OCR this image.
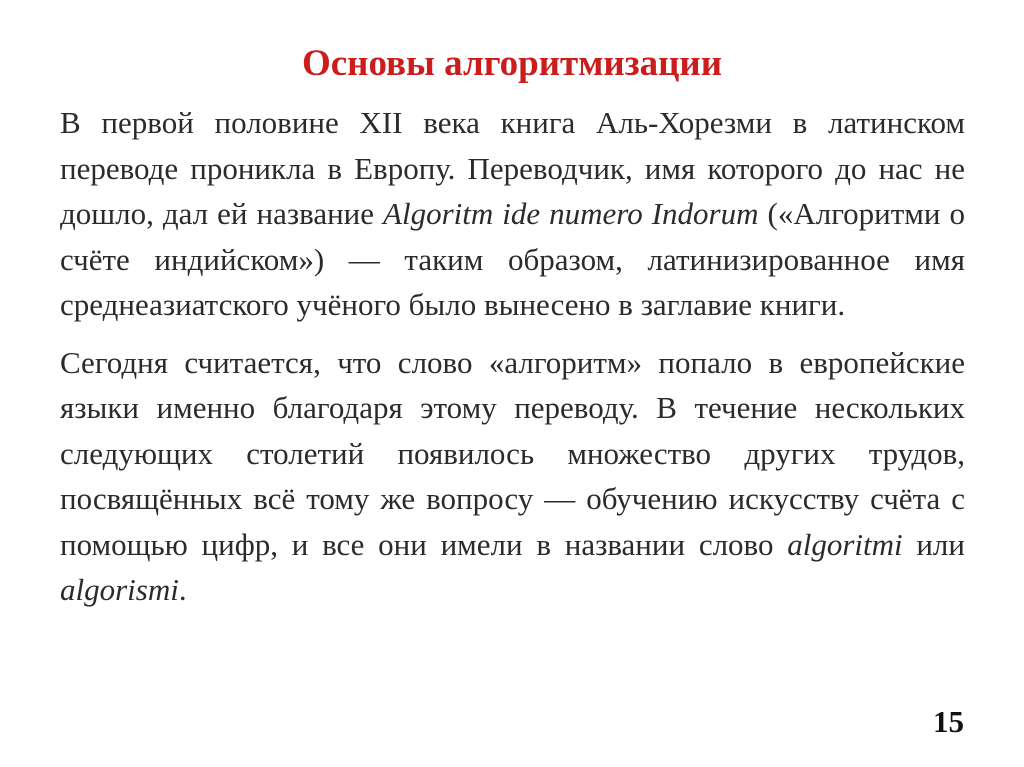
Основы алгоритмизации

В первой половине XII века книга Аль-Хорезми в латинском переводе проникла в Европу. Переводчик, имя которого до нас не дошло, дал ей название Algoritm ide numero Indorum («Алгоритми о счёте индийском») — таким образом, латинизированное имя среднеазиатского учёного было вынесено в заглавие книги.

Сегодня считается, что слово «алгоритм» попало в европейские языки именно благодаря этому переводу. В течение нескольких следующих столетий появилось множество других трудов, посвящённых всё тому же вопросу — обучению искусству счёта с помощью цифр, и все они имели в названии слово algoritmi или algorismi.

15
